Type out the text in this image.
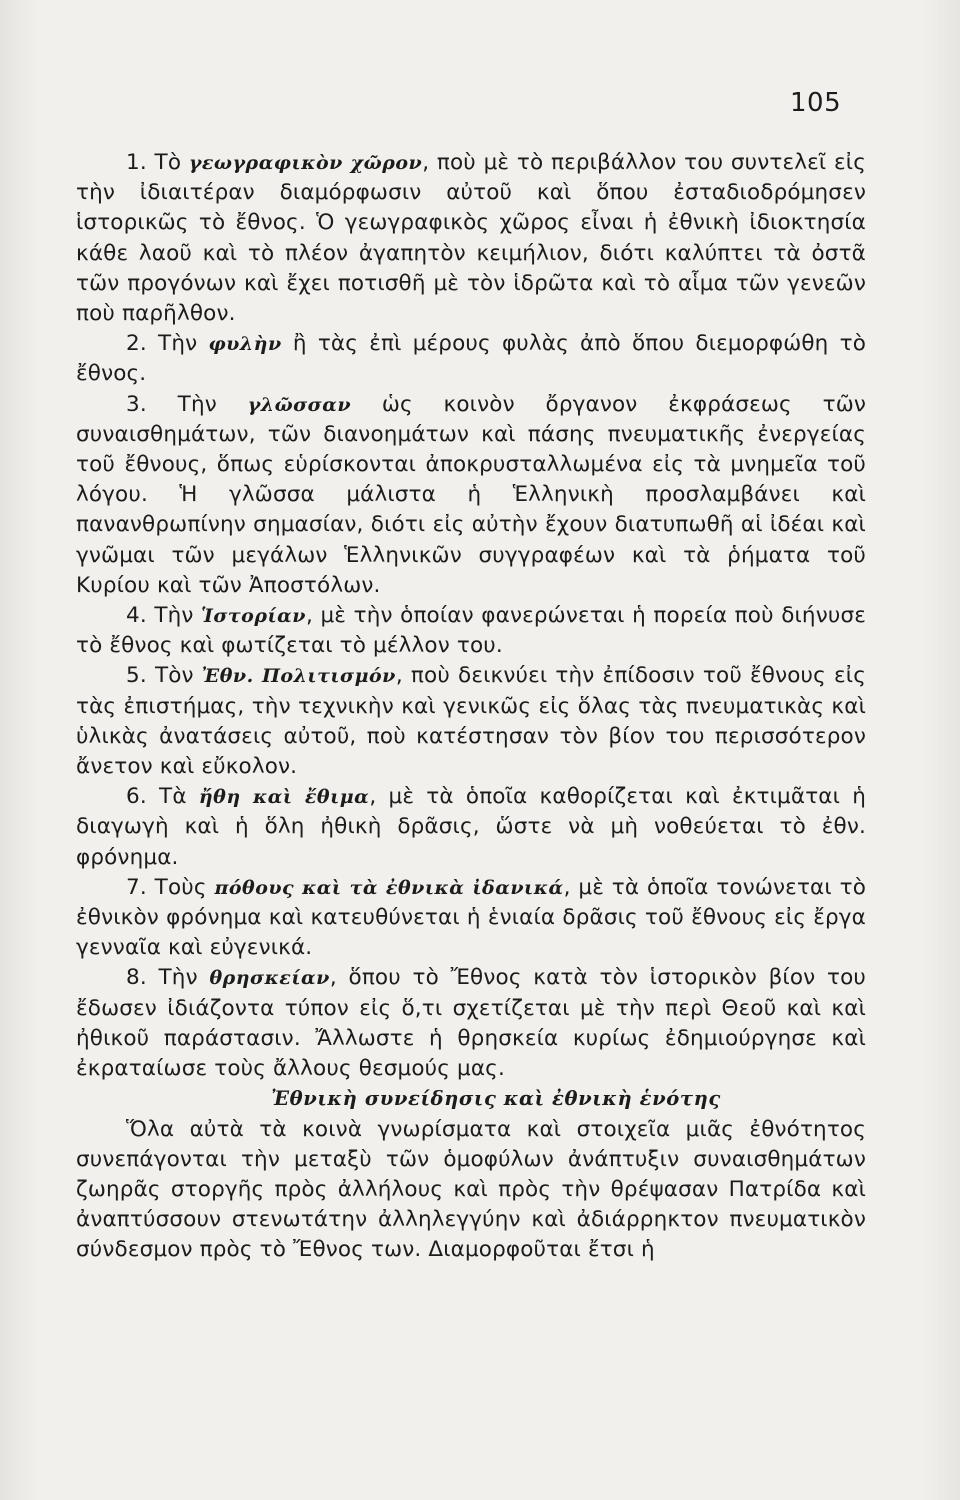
105

1. Τὸ γεωγραφικὸν χῶρον, ποὺ μὲ τὸ περιβάλλον του συντελεῖ εἰς τὴν ἰδιαιτέραν διαμόρφωσιν αὐτοῦ καὶ ὅπου ἐσταδιοδρόμησεν ἱστορικῶς τὸ ἔθνος. Ὁ γεωγραφικὸς χῶρος εἶναι ἡ ἐθνικὴ ἰδιοκτησία κάθε λαοῦ καὶ τὸ πλέον ἀγαπητὸν κειμήλιον, διότι καλύπτει τὰ ὀστᾶ τῶν προγόνων καὶ ἔχει ποτισθῆ μὲ τὸν ἱδρῶτα καὶ τὸ αἷμα τῶν γενεῶν ποὺ παρῆλθον.

2. Τὴν φυλὴν ἢ τὰς ἐπὶ μέρους φυλὰς ἀπὸ ὅπου διεμορφώθη τὸ ἔθνος.

3. Τὴν γλῶσσαν ὡς κοινὸν ὄργανον ἐκφράσεως τῶν συναισθημάτων, τῶν διανοημάτων καὶ πάσης πνευματικῆς ἐνεργείας τοῦ ἔθνους, ὅπως εὑρίσκονται ἀποκρυσταλλωμένα εἰς τὰ μνημεῖα τοῦ λόγου. Ἡ γλῶσσα μάλιστα ἡ Ἑλληνικὴ προσλαμβάνει καὶ πανανθρωπίνην σημασίαν, διότι εἰς αὐτὴν ἔχουν διατυπωθῆ αἱ ἰδέαι καὶ γνῶμαι τῶν μεγάλων Ἑλληνικῶν συγγραφέων καὶ τὰ ῥήματα τοῦ Κυρίου καὶ τῶν Ἀποστόλων.

4. Τὴν Ἱστορίαν, μὲ τὴν ὁποίαν φανερώνεται ἡ πορεία ποὺ διήνυσε τὸ ἔθνος καὶ φωτίζεται τὸ μέλλον του.

5. Τὸν Ἐθν. Πολιτισμόν, ποὺ δεικνύει τὴν ἐπίδοσιν τοῦ ἔθνους εἰς τὰς ἐπιστήμας, τὴν τεχνικὴν καὶ γενικῶς εἰς ὅλας τὰς πνευματικὰς καὶ ὑλικὰς ἀνατάσεις αὐτοῦ, ποὺ κατέστησαν τὸν βίον του περισσότερον ἄνετον καὶ εὔκολον.

6. Τὰ ἤθη καὶ ἔθιμα, μὲ τὰ ὁποῖα καθορίζεται καὶ ἐκτιμᾶται ἡ διαγωγὴ καὶ ἡ ὅλη ἠθικὴ δρᾶσις, ὥστε νὰ μὴ νοθεύεται τὸ ἐθν. φρόνημα.

7. Τοὺς πόθους καὶ τὰ ἐθνικὰ ἰδανικά, μὲ τὰ ὁποῖα τονώνεται τὸ ἐθνικὸν φρόνημα καὶ κατευθύνεται ἡ ἑνιαία δρᾶσις τοῦ ἔθνους εἰς ἔργα γενναῖα καὶ εὐγενικά.

8. Τὴν θρησκείαν, ὅπου τὸ Ἔθνος κατὰ τὸν ἱστορικὸν βίον του ἔδωσεν ἰδιάζοντα τύπον εἰς ὅ,τι σχετίζεται μὲ τὴν περὶ Θεοῦ καὶ καὶ ἠθικοῦ παράστασιν. Ἄλλωστε ἡ θρησκεία κυρίως ἐδημιούργησε καὶ ἐκραταίωσε τοὺς ἄλλους θεσμούς μας.

Ἐθνικὴ συνείδησις καὶ ἐθνικὴ ἑνότης

Ὅλα αὐτὰ τὰ κοινὰ γνωρίσματα καὶ στοιχεῖα μιᾶς ἐθνότητος συνεπάγονται τὴν μεταξὺ τῶν ὁμοφύλων ἀνάπτυξιν συναισθημάτων ζωηρᾶς στοργῆς πρὸς ἀλλήλους καὶ πρὸς τὴν θρέψασαν Πατρίδα καὶ ἀναπτύσσουν στενωτάτην ἀλληλεγγύην καὶ ἀδιάρρηκτον πνευματικὸν σύνδεσμον πρὸς τὸ Ἔθνος των. Διαμορφοῦται ἔτσι ἡ
